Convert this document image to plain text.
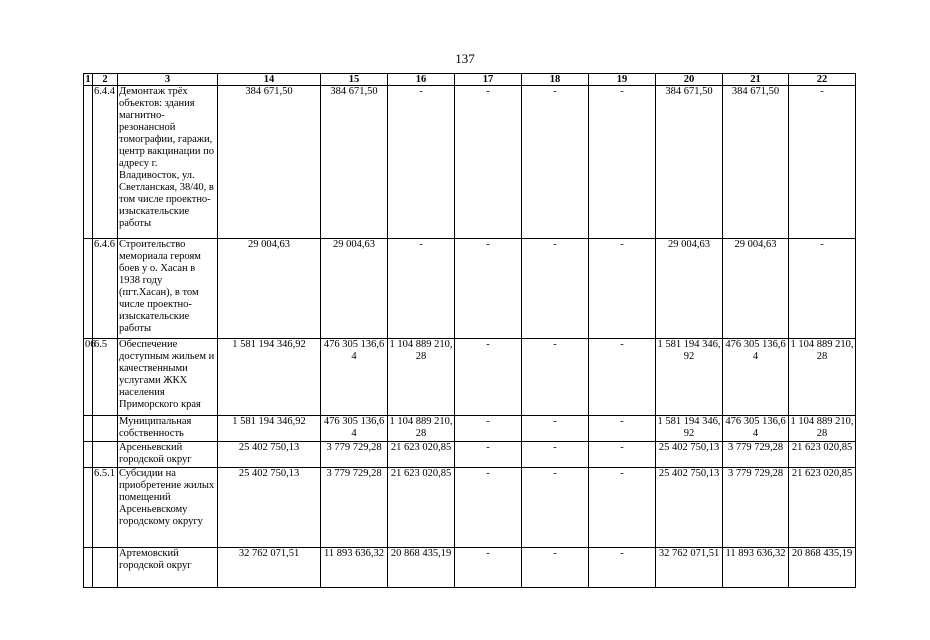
137
1	2	3	14	15	16	17	18	19	20	21	22
	6.4.4	Демонтаж трёх объектов: здания магнитно-резонансной томографии, гаражи, центр вакцинации по адресу г. Владивосток, ул. Светланская, 38/40, в том числе проектно-изыскательские работы	384 671,50	384 671,50	-	-	-	-	384 671,50	384 671,50	-
	6.4.6	Строительство мемориала героям боев у о. Хасан в 1938 году (пгт.Хасан), в том числе проектно-изыскательские работы	29 004,63	29 004,63	-	-	-	-	29 004,63	29 004,63	-
06	6.5	Обеспечение доступным жильем и качественными услугами ЖКХ населения Приморского края	1 581 194 346,92	476 305 136,64	1 104 889 210,28	-	-	-	1 581 194 346,92	476 305 136,64	1 104 889 210,28
		Муниципальная собственность	1 581 194 346,92	476 305 136,64	1 104 889 210,28	-	-	-	1 581 194 346,92	476 305 136,64	1 104 889 210,28
		Арсеньевский городской округ	25 402 750,13	3 779 729,28	21 623 020,85	-	-	-	25 402 750,13	3 779 729,28	21 623 020,85
	6.5.1	Субсидии на приобретение жилых помещений Арсеньевскому городскому округу	25 402 750,13	3 779 729,28	21 623 020,85	-	-	-	25 402 750,13	3 779 729,28	21 623 020,85
		Артемовский городской округ	32 762 071,51	11 893 636,32	20 868 435,19	-	-	-	32 762 071,51	11 893 636,32	20 868 435,19
